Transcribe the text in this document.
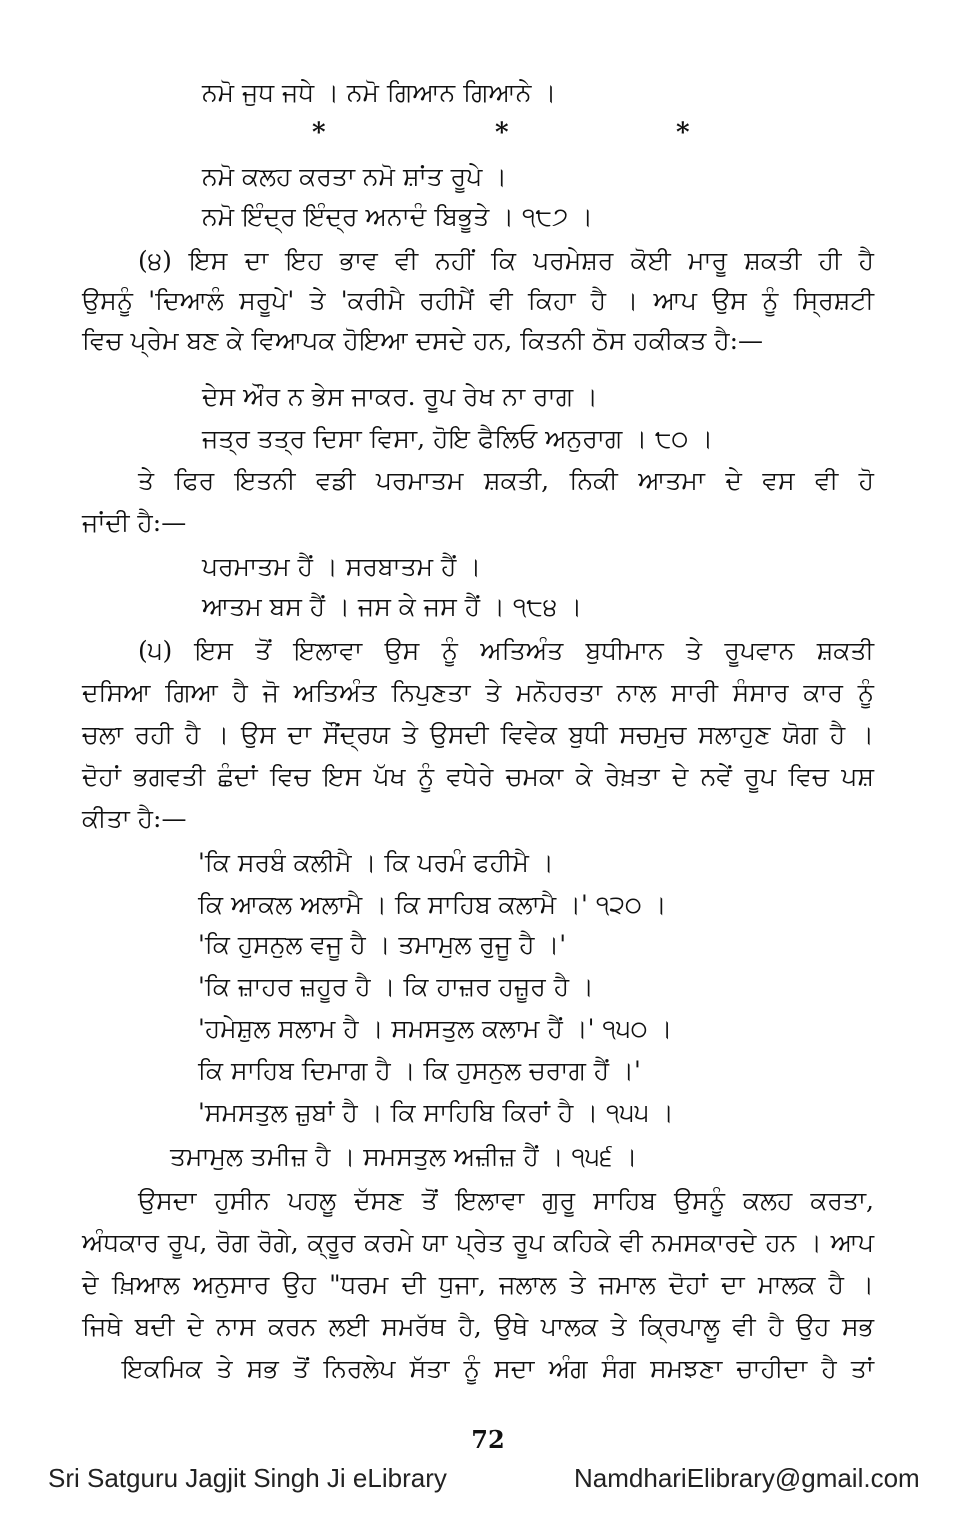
ਨਮੋ ਜੁਧ ਜਧੇ । ਨਮੋ ਗਿਆਨ ਗਿਆਨੇ ।
*	*	*
ਨਮੋ ਕਲਹ ਕਰਤਾ ਨਮੋ ਸ਼ਾਂਤ ਰੂਪੇ ।
ਨਮੋ ਇੰਦ੍ਰ ਇੰਦ੍ਰ ਅਨਾਦੰ ਬਿਭੂਤੇ । ੧੮੭ ।
(੪) ਇਸ ਦਾ ਇਹ ਭਾਵ ਵੀ ਨਹੀਂ ਕਿ ਪਰਮੇਸ਼ਰ ਕੋਈ ਮਾਰੂ ਸ਼ਕਤੀ ਹੀ ਹੈ
ਉਸਨੂੰ 'ਦਿਆਲੰ ਸਰੂਪੇ' ਤੇ 'ਕਰੀਮੈ ਰਹੀਮੈਂ ਵੀ ਕਿਹਾ ਹੈ । ਆਪ ਉਸ ਨੂੰ ਸ੍ਰਿਸ਼ਟੀ
ਵਿਚ ਪ੍ਰੇਮ ਬਣ ਕੇ ਵਿਆਪਕ ਹੋਇਆ ਦਸਦੇ ਹਨ, ਕਿਤਨੀ ਠੋਸ ਹਕੀਕਤ ਹੈ:—
ਦੇਸ ਔਰ ਨ ਭੇਸ ਜਾਕਰ. ਰੂਪ ਰੇਖ ਨਾ ਰਾਗ ।
ਜਤ੍ਰ ਤਤ੍ਰ ਦਿਸਾ ਵਿਸਾ, ਹੋਇ ਫੈਲਿਓ ਅਨੁਰਾਗ । ੮੦ ।
ਤੇ ਫਿਰ ਇਤਨੀ ਵਡੀ ਪਰਮਾਤਮ ਸ਼ਕਤੀ, ਨਿਕੀ ਆਤਮਾ ਦੇ ਵਸ ਵੀ ਹੋ
ਜਾਂਦੀ ਹੈ:—
ਪਰਮਾਤਮ ਹੈਂ । ਸਰਬਾਤਮ ਹੈਂ ।
ਆਤਮ ਬਸ ਹੈਂ । ਜਸ ਕੇ ਜਸ ਹੈਂ । ੧੮੪ ।
(੫) ਇਸ ਤੋਂ ਇਲਾਵਾ ਉਸ ਨੂੰ ਅਤਿਅੰਤ ਬੁਧੀਮਾਨ ਤੇ ਰੂਪਵਾਨ ਸ਼ਕਤੀ
ਦਸਿਆ ਗਿਆ ਹੈ ਜੋ ਅਤਿਅੰਤ ਨਿਪੁਣਤਾ ਤੇ ਮਨੋਹਰਤਾ ਨਾਲ ਸਾਰੀ ਸੰਸਾਰ ਕਾਰ ਨੂੰ
ਚਲਾ ਰਹੀ ਹੈ । ਉਸ ਦਾ ਸੌਂਦ੍ਰਯ ਤੇ ਉਸਦੀ ਵਿਵੇਕ ਬੁਧੀ ਸਚਮੁਚ ਸਲਾਹੁਣ ਯੋਗ ਹੈ ।
ਦੋਹਾਂ ਭਗਵਤੀ ਛੰਦਾਂ ਵਿਚ ਇਸ ਪੱਖ ਨੂੰ ਵਧੇਰੇ ਚਮਕਾ ਕੇ ਰੇਖ਼ਤਾ ਦੇ ਨਵੇਂ ਰੂਪ ਵਿਚ ਪਸ਼
ਕੀਤਾ ਹੈ:—
'ਕਿ ਸਰਬੰ ਕਲੀਮੈ । ਕਿ ਪਰਮੰ ਫਹੀਮੈ ।
ਕਿ ਆਕਲ ਅਲਾਮੈ । ਕਿ ਸਾਹਿਬ ਕਲਾਮੈ ।' ੧੨੦ ।
'ਕਿ ਹੁਸਨੁਲ ਵਜੂ ਹੈ । ਤਮਾਮੁਲ ਰੁਜੂ ਹੈ ।'
'ਕਿ ਜ਼ਾਹਰ ਜ਼ਹੂਰ ਹੈ । ਕਿ ਹਾਜ਼ਰ ਹਜ਼ੂਰ ਹੈ ।
'ਹਮੇਸ਼ੁਲ ਸਲਾਮ ਹੈ । ਸਮਸਤੁਲ ਕਲਾਮ ਹੈਂ ।' ੧੫੦ ।
ਕਿ ਸਾਹਿਬ ਦਿਮਾਗ ਹੈ । ਕਿ ਹੁਸਨੁਲ ਚਰਾਗ ਹੈਂ ।'
'ਸਮਸਤੁਲ ਜ਼ੁਬਾਂ ਹੈ । ਕਿ ਸਾਹਿਬਿ ਕਿਰਾਂ ਹੈ । ੧੫੫ ।
ਤਮਾਮੁਲ ਤਮੀਜ਼ ਹੈ । ਸਮਸਤੁਲ ਅਜ਼ੀਜ਼ ਹੈਂ । ੧੫੬ ।
ਉਸਦਾ ਹੁਸੀਨ ਪਹਲੂ ਦੱਸਣ ਤੋਂ ਇਲਾਵਾ ਗੁਰੂ ਸਾਹਿਬ ਉਸਨੂੰ ਕਲਹ ਕਰਤਾ,
ਅੰਧਕਾਰ ਰੂਪ, ਰੋਗ ਰੋਗੇ, ਕ੍ਰੂਰ ਕਰਮੇ ਯਾ ਪ੍ਰੇਤ ਰੂਪ ਕਹਿਕੇ ਵੀ ਨਮਸਕਾਰਦੇ ਹਨ । ਆਪ
ਦੇ ਖ਼ਿਆਲ ਅਨੁਸਾਰ ਉਹ "ਧਰਮ ਦੀ ਧੁਜਾ, ਜਲਾਲ ਤੇ ਜਮਾਲ ਦੋਹਾਂ ਦਾ ਮਾਲਕ ਹੈ ।
ਜਿਥੇ ਬਦੀ ਦੇ ਨਾਸ ਕਰਨ ਲਈ ਸਮਰੱਥ ਹੈ, ਉਥੇ ਪਾਲਕ ਤੇ ਕ੍ਰਿਪਾਲੂ ਵੀ ਹੈ ਉਹ ਸਭ
ਇਕਮਿਕ ਤੇ ਸਭ ਤੋਂ ਨਿਰਲੇਪ ਸੱਤਾ ਨੂੰ ਸਦਾ ਅੰਗ ਸੰਗ ਸਮਝਣਾ ਚਾਹੀਦਾ ਹੈ ਤਾਂ
72
Sri Satguru Jagjit Singh Ji eLibrary	NamdhariElibrary@gmail.com
